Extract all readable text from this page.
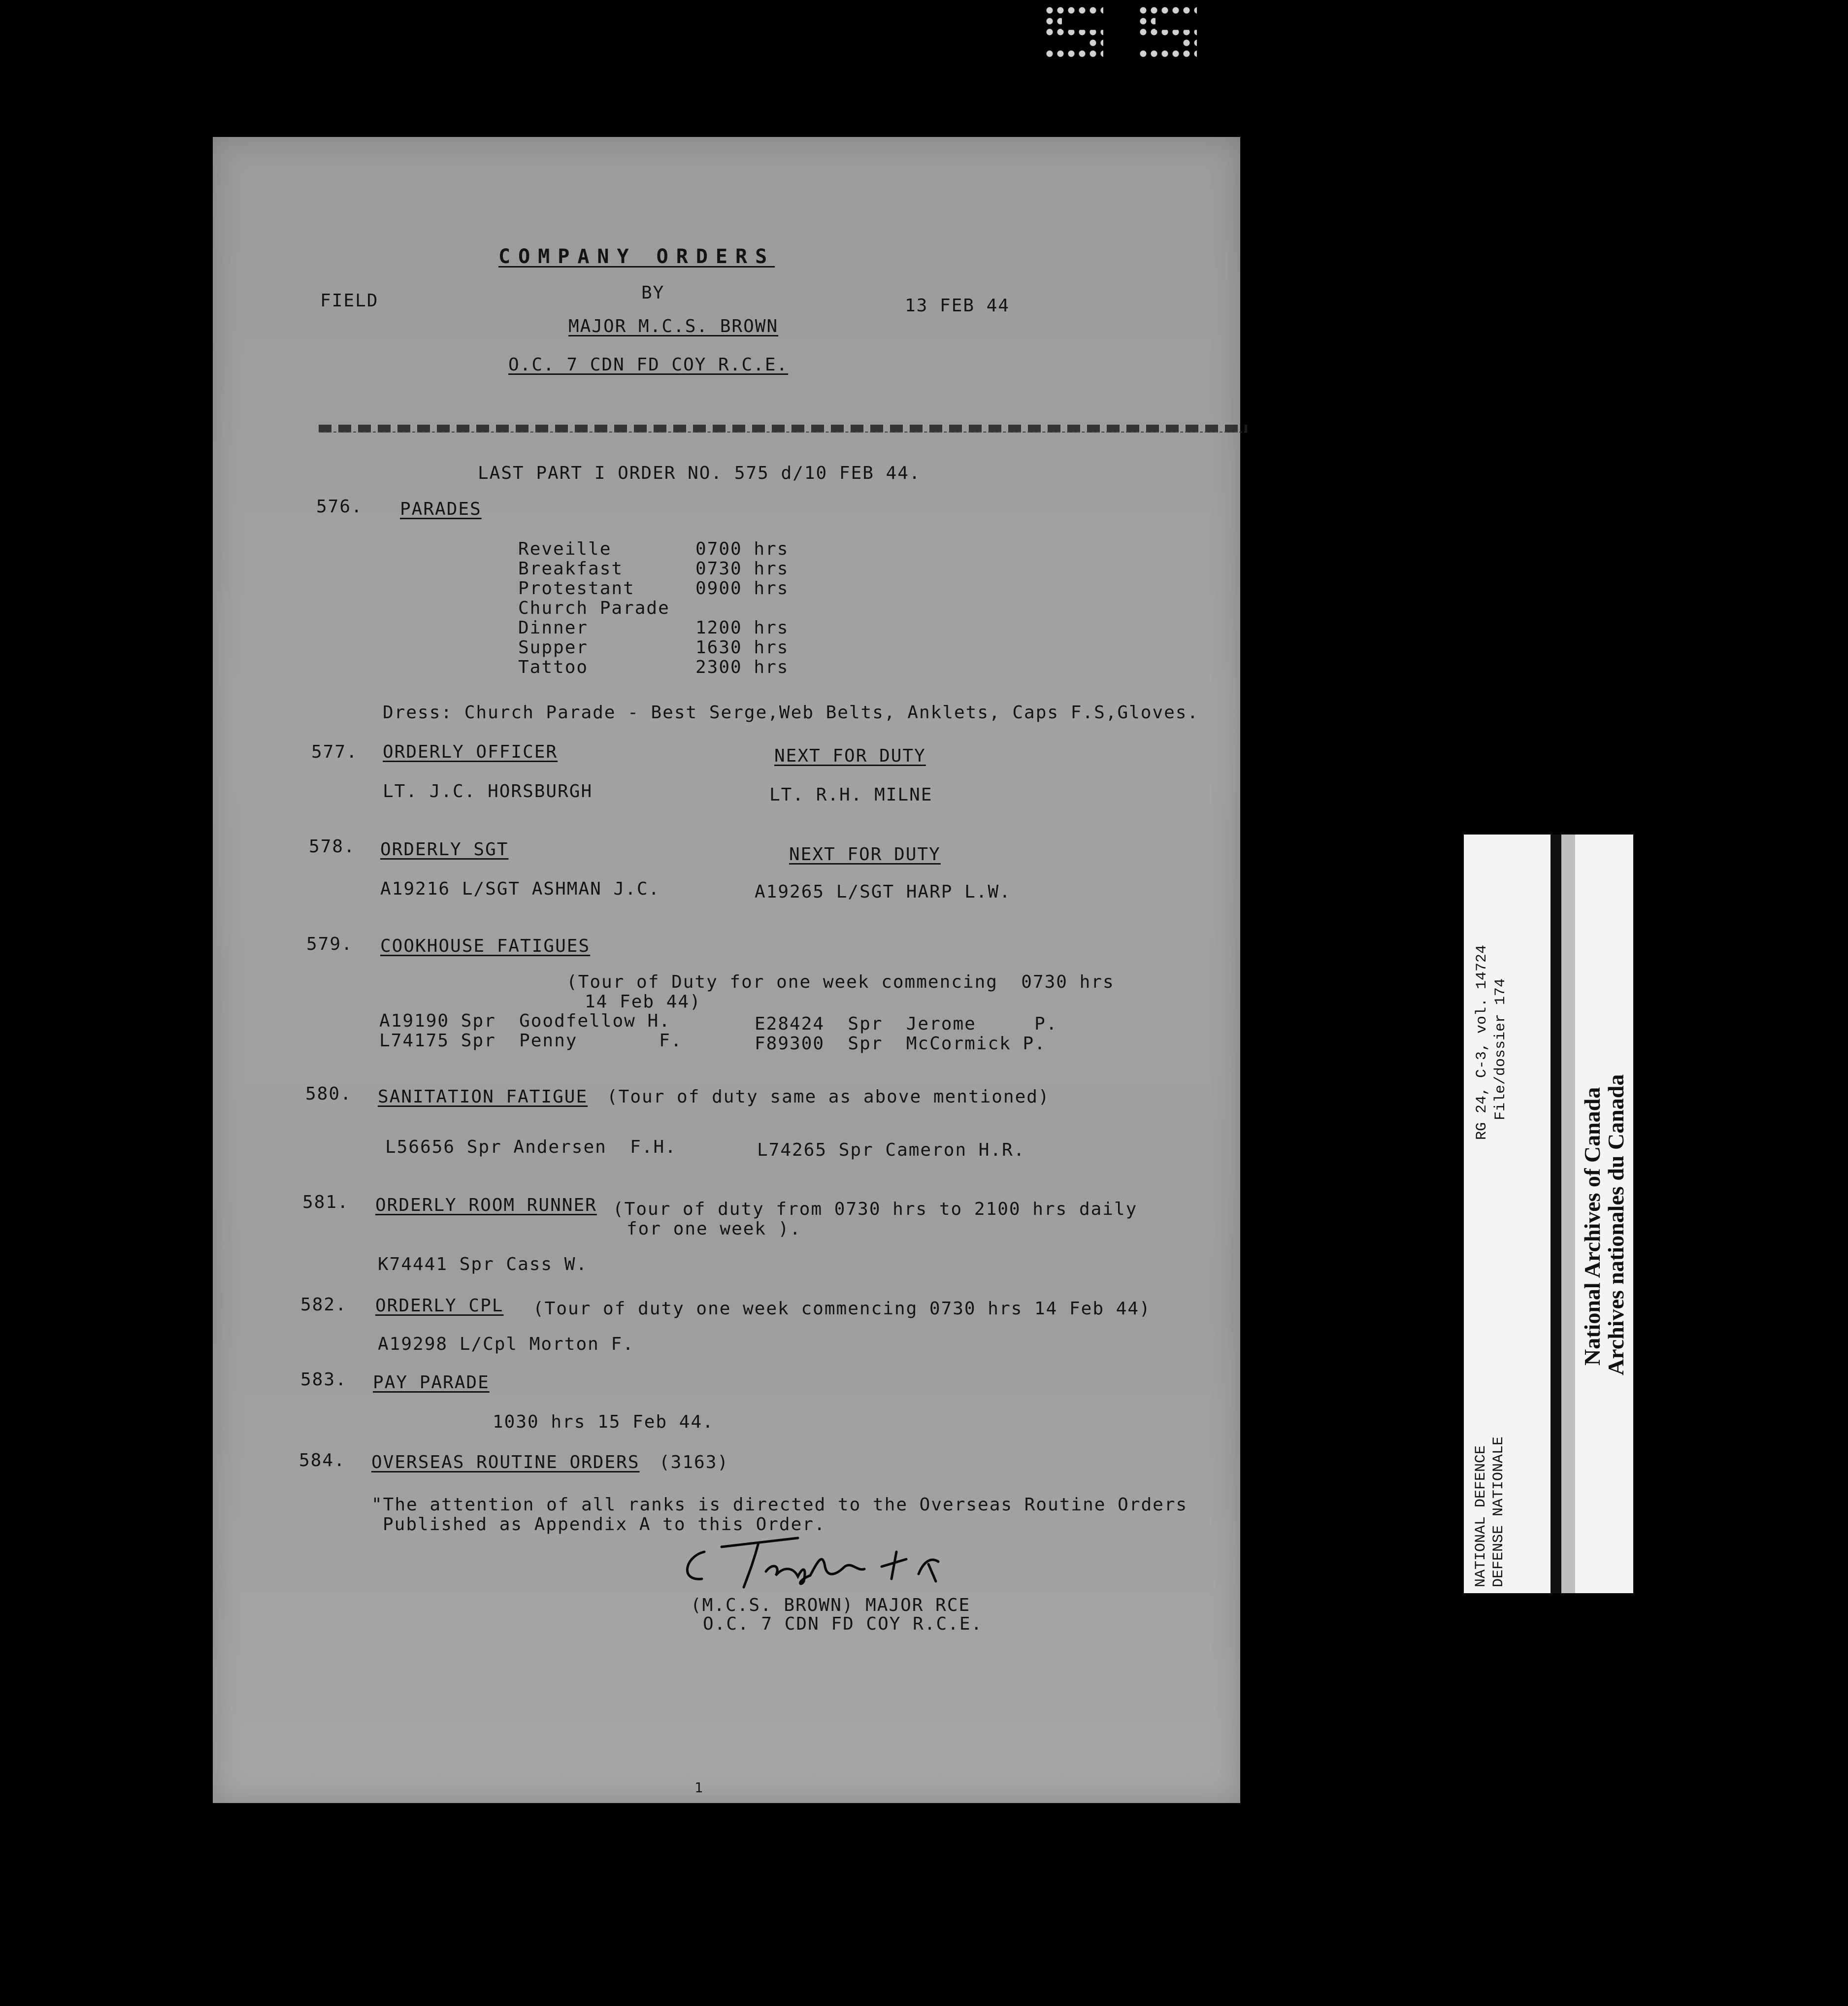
COMPANY ORDERS
FIELD	BY
13 FEB 44
MAJOR M.C.S. BROWN
O.C. 7 CDN FD COY R.C.E.
LAST PART I ORDER NO. 575 d/10 FEB 44.
576. PARADES
Reveille	0700 hrs
Breakfast	0730 hrs
Protestant	0900 hrs
Church Parade
Dinner	1200 hrs
Supper	1630 hrs
Tattoo	2300 hrs
Dress: Church Parade - Best Serge,Web Belts, Anklets, Caps F.S,Gloves.
577. ORDERLY OFFICER	NEXT FOR DUTY
LT. J.C. HORSBURGH	LT. R.H. MILNE
578. ORDERLY SGT	NEXT FOR DUTY
A19216 L/SGT ASHMAN J.C.	A19265 L/SGT HARP L.W.
579. COOKHOUSE FATIGUES
(Tour of Duty for one week commencing  0730 hrs
14 Feb 44)
A19190 Spr  Goodfellow H.	E28424  Spr  Jerome     P.
L74175 Spr  Penny       F.	F89300  Spr  McCormick P.
580. SANITATION FATIGUE (Tour of duty same as above mentioned)
L56656 Spr Andersen  F.H.	L74265 Spr Cameron H.R.
581. ORDERLY ROOM RUNNER (Tour of duty from 0730 hrs to 2100 hrs daily
for one week ).
K74441 Spr Cass W.
582. ORDERLY CPL (Tour of duty one week commencing 0730 hrs 14 Feb 44)
A19298 L/Cpl Morton F.
583. PAY PARADE
1030 hrs 15 Feb 44.
584. OVERSEAS ROUTINE ORDERS (3163)
"The attention of all ranks is directed to the Overseas Routine Orders
Published as Appendix A to this Order.
(M.C.S. BROWN) MAJOR RCE
O.C. 7 CDN FD COY R.C.E.
1
RG 24, C-3, vol. 14724 File/dossier 174
NATIONAL DEFENCE DEFENSE NATIONALE
National Archives of Canada
Archives nationales du Canada
